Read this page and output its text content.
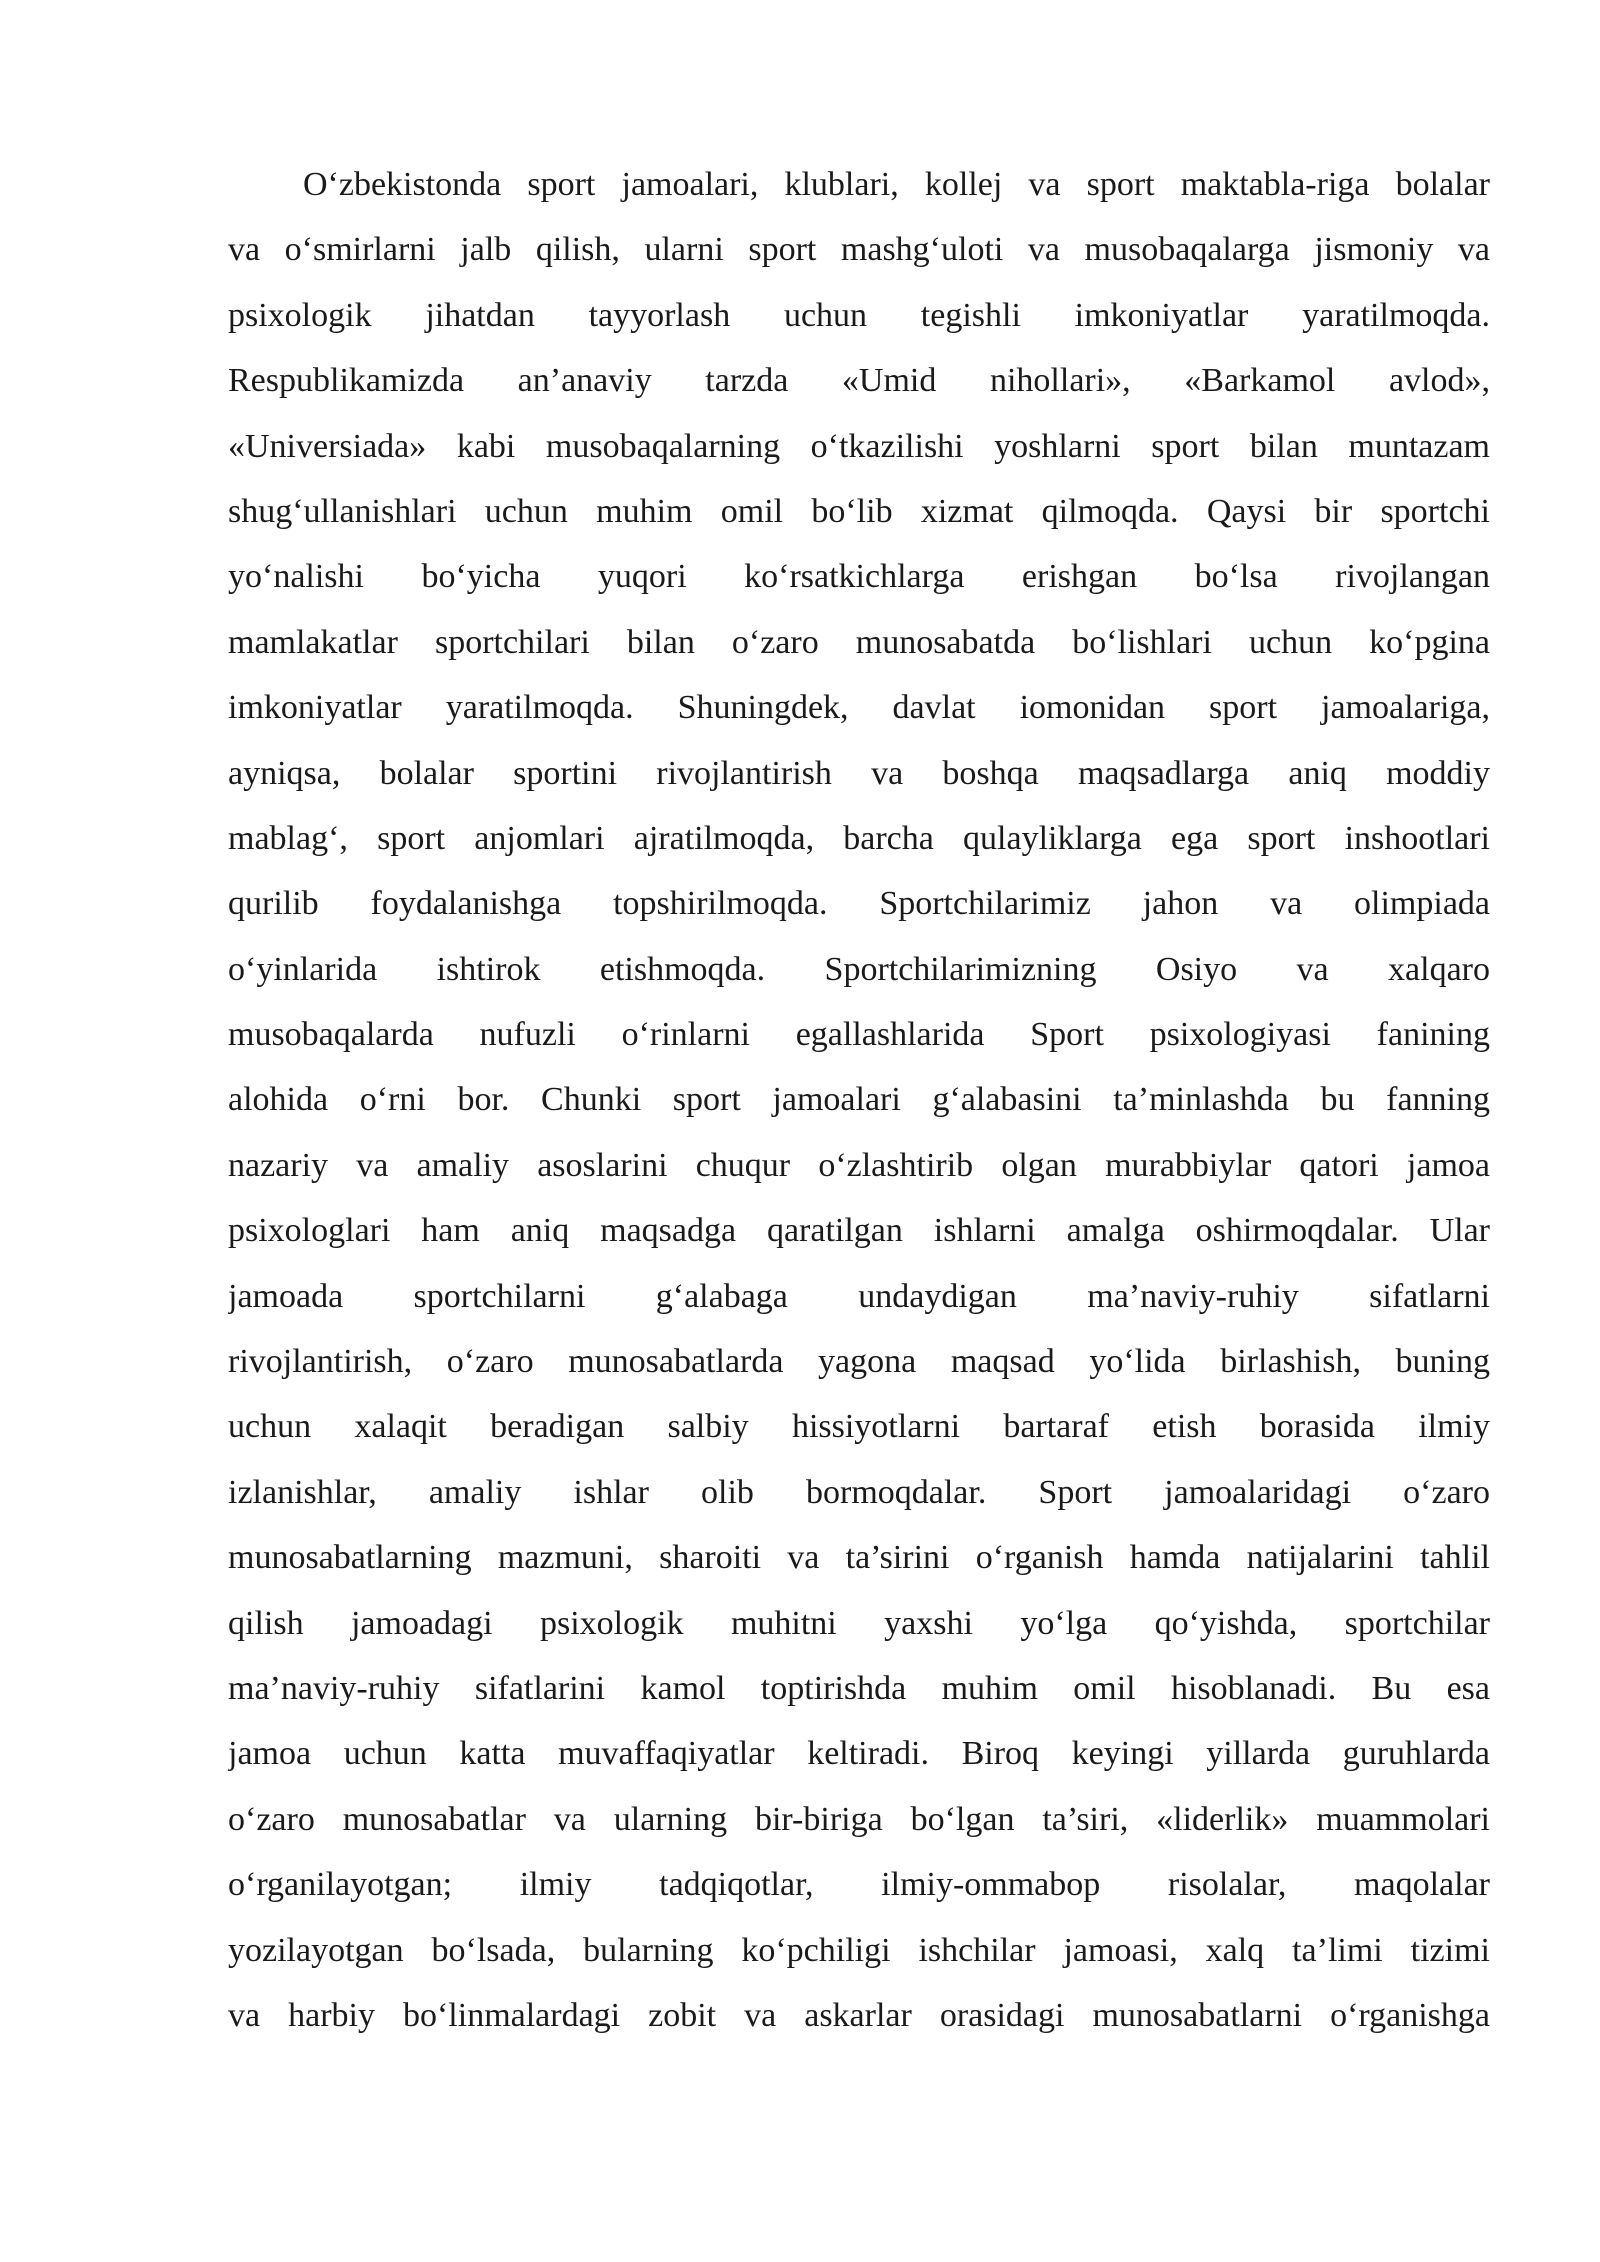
O‘zbekistonda sport jamoalari, klublari, kollej va sport maktabla-riga bolalar
va o‘smirlarni jalb qilish, ularni sport mashg‘uloti va musobaqalarga jismoniy va
psixologik jihatdan tayyorlash uchun tegishli imkoniyatlar yaratilmoqda.
Respublikamizda an’anaviy tarzda «Umid nihollari», «Barkamol avlod»,
«Universiada» kabi musobaqalarning o‘tkazilishi yoshlarni sport bilan muntazam
shug‘ullanishlari uchun muhim omil bo‘lib xizmat qilmoqda. Qaysi bir sportchi
yo‘nalishi bo‘yicha yuqori ko‘rsatkichlarga erishgan bo‘lsa rivojlangan
mamlakatlar sportchilari bilan o‘zaro munosabatda bo‘lishlari uchun ko‘pgina
imkoniyatlar yaratilmoqda. Shuningdek, davlat iomonidan sport jamoalariga,
ayniqsa, bolalar sportini rivojlantirish va boshqa maqsadlarga aniq moddiy
mablag‘, sport anjomlari ajratilmoqda, barcha qulayliklarga ega sport inshootlari
qurilib foydalanishga topshirilmoqda. Sportchilarimiz jahon va olimpiada
o‘yinlarida ishtirok etishmoqda. Sportchilarimizning Osiyo va xalqaro
musobaqalarda nufuzli o‘rinlarni egallashlarida Sport psixologiyasi fanining
alohida o‘rni bor. Chunki sport jamoalari g‘alabasini ta’minlashda bu fanning
nazariy va amaliy asoslarini chuqur o‘zlashtirib olgan murabbiylar qatori jamoa
psixologlari ham aniq maqsadga qaratilgan ishlarni amalga oshirmoqdalar. Ular
jamoada sportchilarni g‘alabaga undaydigan ma’naviy-ruhiy sifatlarni
rivojlantirish, o‘zaro munosabatlarda yagona maqsad yo‘lida birlashish, buning
uchun xalaqit beradigan salbiy hissiyotlarni bartaraf etish borasida ilmiy
izlanishlar, amaliy ishlar olib bormoqdalar. Sport jamoalaridagi o‘zaro
munosabatlarning mazmuni, sharoiti va ta’sirini o‘rganish hamda natijalarini tahlil
qilish jamoadagi psixologik muhitni yaxshi yo‘lga qo‘yishda, sportchilar
ma’naviy-ruhiy sifatlarini kamol toptirishda muhim omil hisoblanadi. Bu esa
jamoa uchun katta muvaffaqiyatlar keltiradi. Biroq keyingi yillarda guruhlarda
o‘zaro munosabatlar va ularning bir-biriga bo‘lgan ta’siri, «liderlik» muammolari
o‘rganilayotgan; ilmiy tadqiqotlar, ilmiy-ommabop risolalar, maqolalar
yozilayotgan bo‘lsada, bularning ko‘pchiligi ishchilar jamoasi, xalq ta’limi tizimi
va harbiy bo‘linmalardagi zobit va askarlar orasidagi munosabatlarni o‘rganishga
